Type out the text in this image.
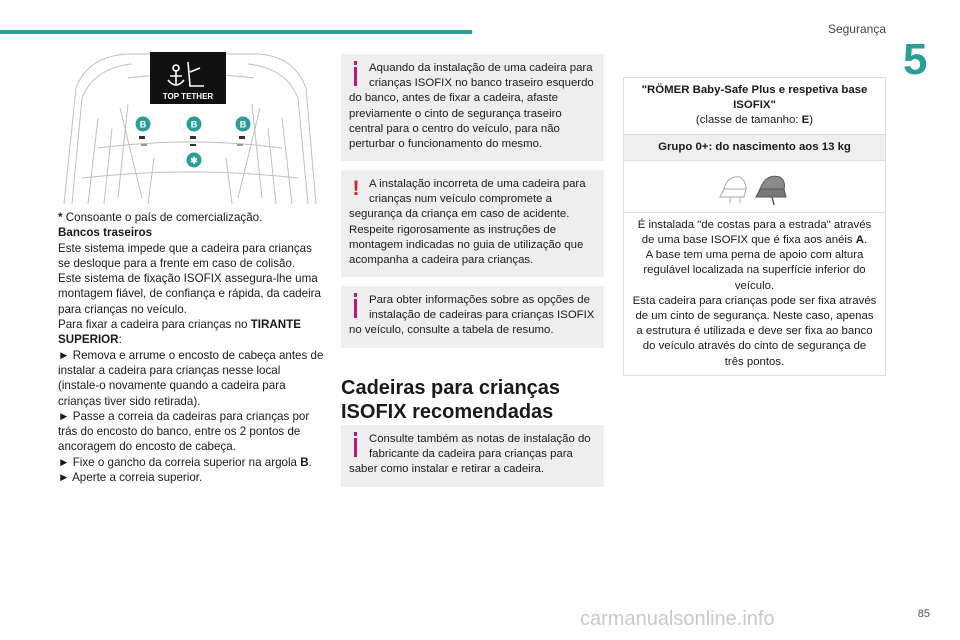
Segurança
5
TOP TETHER
B	B	B
✱

* Consoante o país de comercialização.

Bancos traseiros

Este sistema impede que a cadeira para crianças se desloque para a frente em caso de colisão.

Este sistema de fixação ISOFIX assegura-lhe uma montagem fiável, de confiança e rápida, da cadeira para crianças no veículo.

Para fixar a cadeira para crianças no TIRANTE SUPERIOR:

► Remova e arrume o encosto de cabeça antes de instalar a cadeira para crianças nesse local (instale-o novamente quando a cadeira para crianças tiver sido retirada).

► Passe a correia da cadeiras para crianças por trás do encosto do banco, entre os 2 pontos de ancoragem do encosto de cabeça.

► Fixe o gancho da correia superior na argola B.

► Aperte a correia superior.

Aquando da instalação de uma cadeira para crianças ISOFIX no banco traseiro esquerdo do banco, antes de fixar a cadeira, afaste previamente o cinto de segurança traseiro central para o centro do veículo, para não perturbar o funcionamento do mesmo.
! A instalação incorreta de uma cadeira para crianças num veículo compromete a segurança da criança em caso de acidente. Respeite rigorosamente as instruções de montagem indicadas no guia de utilização que acompanha a cadeira para crianças.
Para obter informações sobre as opções de instalação de cadeiras para crianças ISOFIX no veículo, consulte a tabela de resumo.
Cadeiras para crianças ISOFIX recomendadas
Consulte também as notas de instalação do fabricante da cadeira para crianças para saber como instalar e retirar a cadeira.
"RÖMER Baby-Safe Plus e respetiva base ISOFIX"
(classe de tamanho: E)
Grupo 0+: do nascimento aos 13 kg

É instalada "de costas para a estrada" através de uma base ISOFIX que é fixa aos anéis A.

A base tem uma perna de apoio com altura regulável localizada na superfície inferior do veículo.

Esta cadeira para crianças pode ser fixa através de um cinto de segurança. Neste caso, apenas a estrutura é utilizada e deve ser fixa ao banco do veículo através do cinto de segurança de três pontos.

carmanualsonline.info	85
